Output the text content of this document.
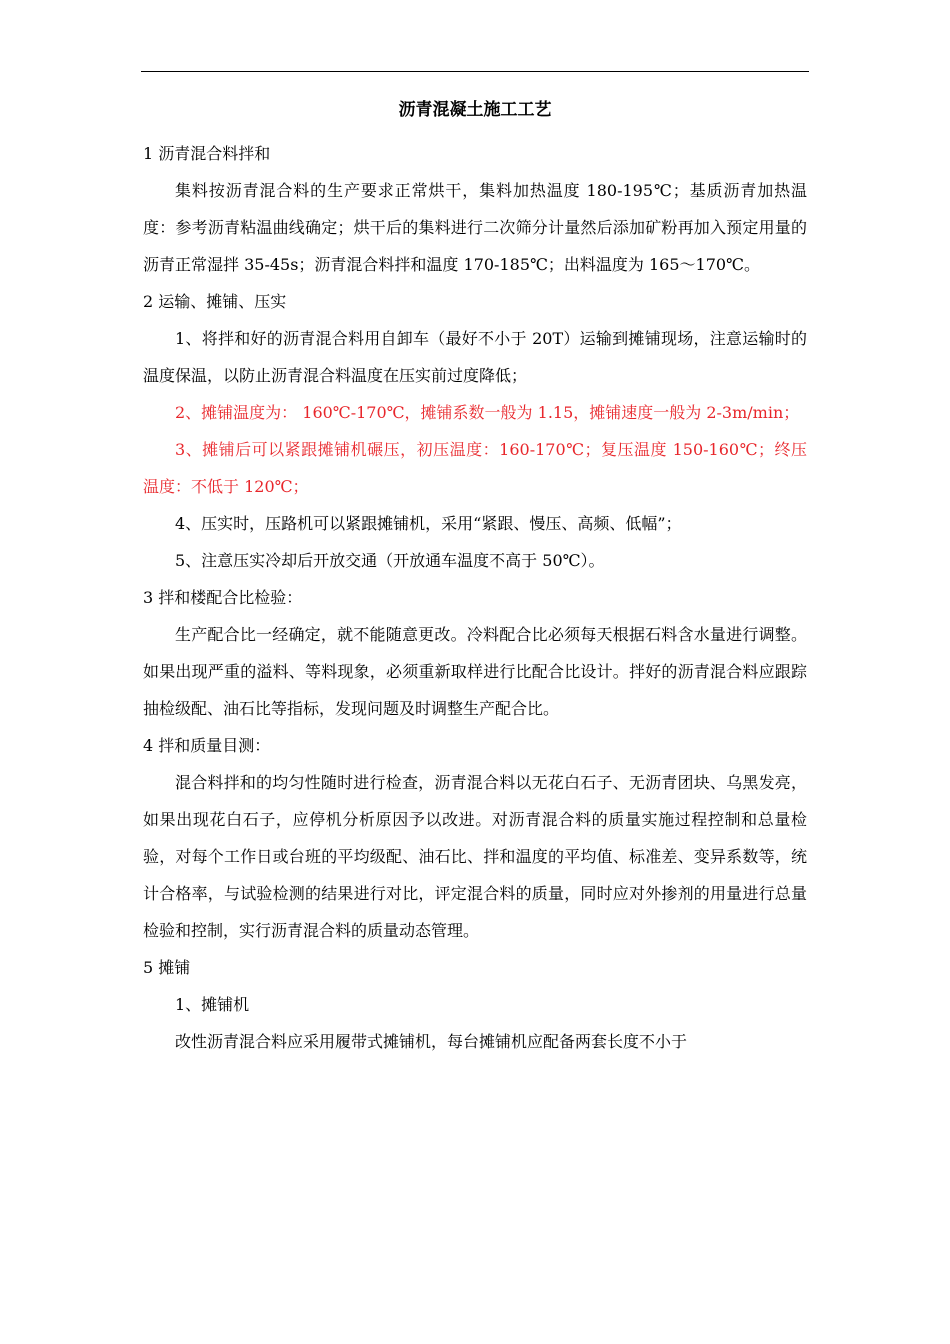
沥青混凝土施工工艺
1 沥青混合料拌和
集料按沥青混合料的生产要求正常烘干，集料加热温度 180-195℃；基质沥青加热温度：参考沥青粘温曲线确定；烘干后的集料进行二次筛分计量然后添加矿粉再加入预定用量的沥青正常湿拌 35-45s；沥青混合料拌和温度 170-185℃；出料温度为 165～170℃。
2 运输、摊铺、压实
1、将拌和好的沥青混合料用自卸车（最好不小于 20T）运输到摊铺现场，注意运输时的温度保温，以防止沥青混合料温度在压实前过度降低；
2、摊铺温度为： 160℃-170℃，摊铺系数一般为 1.15，摊铺速度一般为 2-3m/min；
3、摊铺后可以紧跟摊铺机碾压，初压温度：160-170℃；复压温度 150-160℃；终压温度：不低于 120℃；
4、压实时，压路机可以紧跟摊铺机，采用“紧跟、慢压、高频、低幅”；
5、注意压实冷却后开放交通（开放通车温度不高于 50℃）。
3 拌和楼配合比检验：
生产配合比一经确定，就不能随意更改。冷料配合比必须每天根据石料含水量进行调整。如果出现严重的溢料、等料现象，必须重新取样进行比配合比设计。拌好的沥青混合料应跟踪抽检级配、油石比等指标，发现问题及时调整生产配合比。
4 拌和质量目测：
混合料拌和的均匀性随时进行检查，沥青混合料以无花白石子、无沥青团块、乌黑发亮，如果出现花白石子，应停机分析原因予以改进。对沥青混合料的质量实施过程控制和总量检验，对每个工作日或台班的平均级配、油石比、拌和温度的平均值、标准差、变异系数等，统计合格率，与试验检测的结果进行对比，评定混合料的质量，同时应对外掺剂的用量进行总量检验和控制，实行沥青混合料的质量动态管理。
5 摊铺
1、摊铺机
改性沥青混合料应采用履带式摊铺机，每台摊铺机应配备两套长度不小于
